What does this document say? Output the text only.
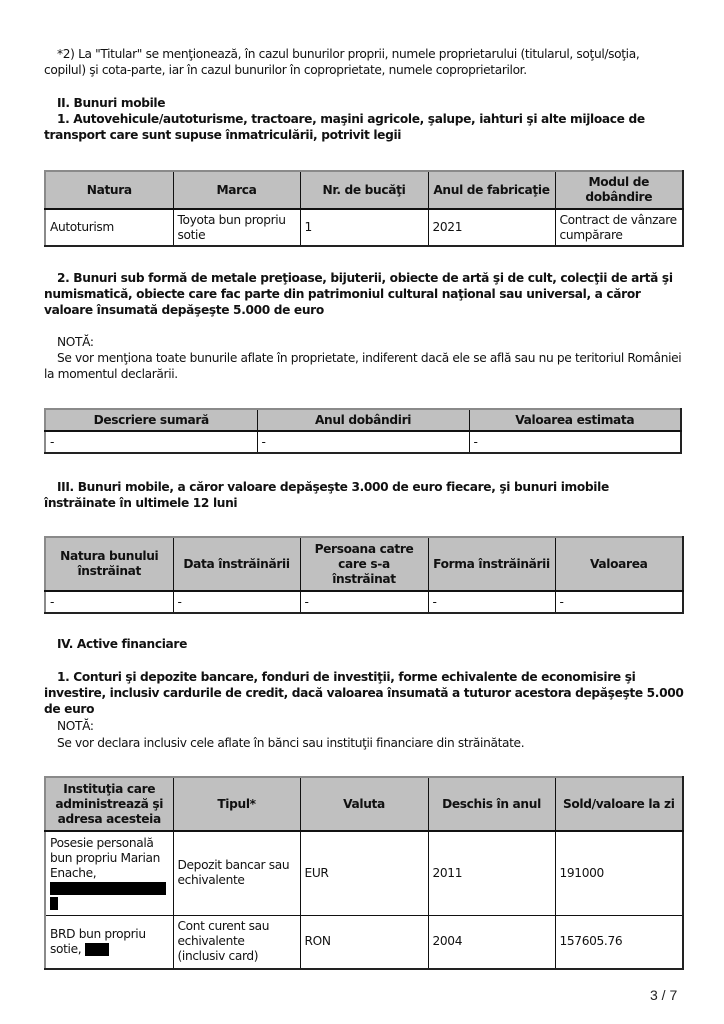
*2) La "Titular" se menţionează, în cazul bunurilor proprii, numele proprietarului (titularul, soţul/soţia, copilul) şi cota-parte, iar în cazul bunurilor în coproprietate, numele coproprietarilor.
II. Bunuri mobile
1. Autovehicule/autoturisme, tractoare, maşini agricole, şalupe, iahturi şi alte mijloace de transport care sunt supuse înmatriculării, potrivit legii
Natura	Marca	Nr. de bucăţi	Anul de fabricaţie	Modul de dobândire
Autoturism	Toyota bun propriu sotie	1	2021	Contract de vânzare cumpărare
2. Bunuri sub formă de metale preţioase, bijuterii, obiecte de artă şi de cult, colecţii de artă şi numismatică, obiecte care fac parte din patrimoniul cultural naţional sau universal, a căror valoare însumată depăşeşte 5.000 de euro
NOTĂ:
Se vor menţiona toate bunurile aflate în proprietate, indiferent dacă ele se află sau nu pe teritoriul României la momentul declarării.
Descriere sumară	Anul dobândiri	Valoarea estimata
-	-	-
III. Bunuri mobile, a căror valoare depăşeşte 3.000 de euro fiecare, şi bunuri imobile înstrăinate în ultimele 12 luni
Natura bunului înstrăinat	Data înstrăinării	Persoana catre care s-a înstrăinat	Forma înstrăinării	Valoarea
-	-	-	-	-
IV. Active financiare
1. Conturi şi depozite bancare, fonduri de investiţii, forme echivalente de economisire şi investire, inclusiv cardurile de credit, dacă valoarea însumată a tuturor acestora depăşeşte 5.000 de euro
NOTĂ:
Se vor declara inclusiv cele aflate în bănci sau instituţii financiare din străinătate.
Instituţia care administrează şi adresa acesteia	Tipul*	Valuta	Deschis în anul	Sold/valoare la zi
Posesie personală bun propriu Marian Enache,	Depozit bancar sau echivalente	EUR	2011	191000
BRD bun propriu sotie,	Cont curent sau echivalente (inclusiv card)	RON	2004	157605.76
3 / 7
